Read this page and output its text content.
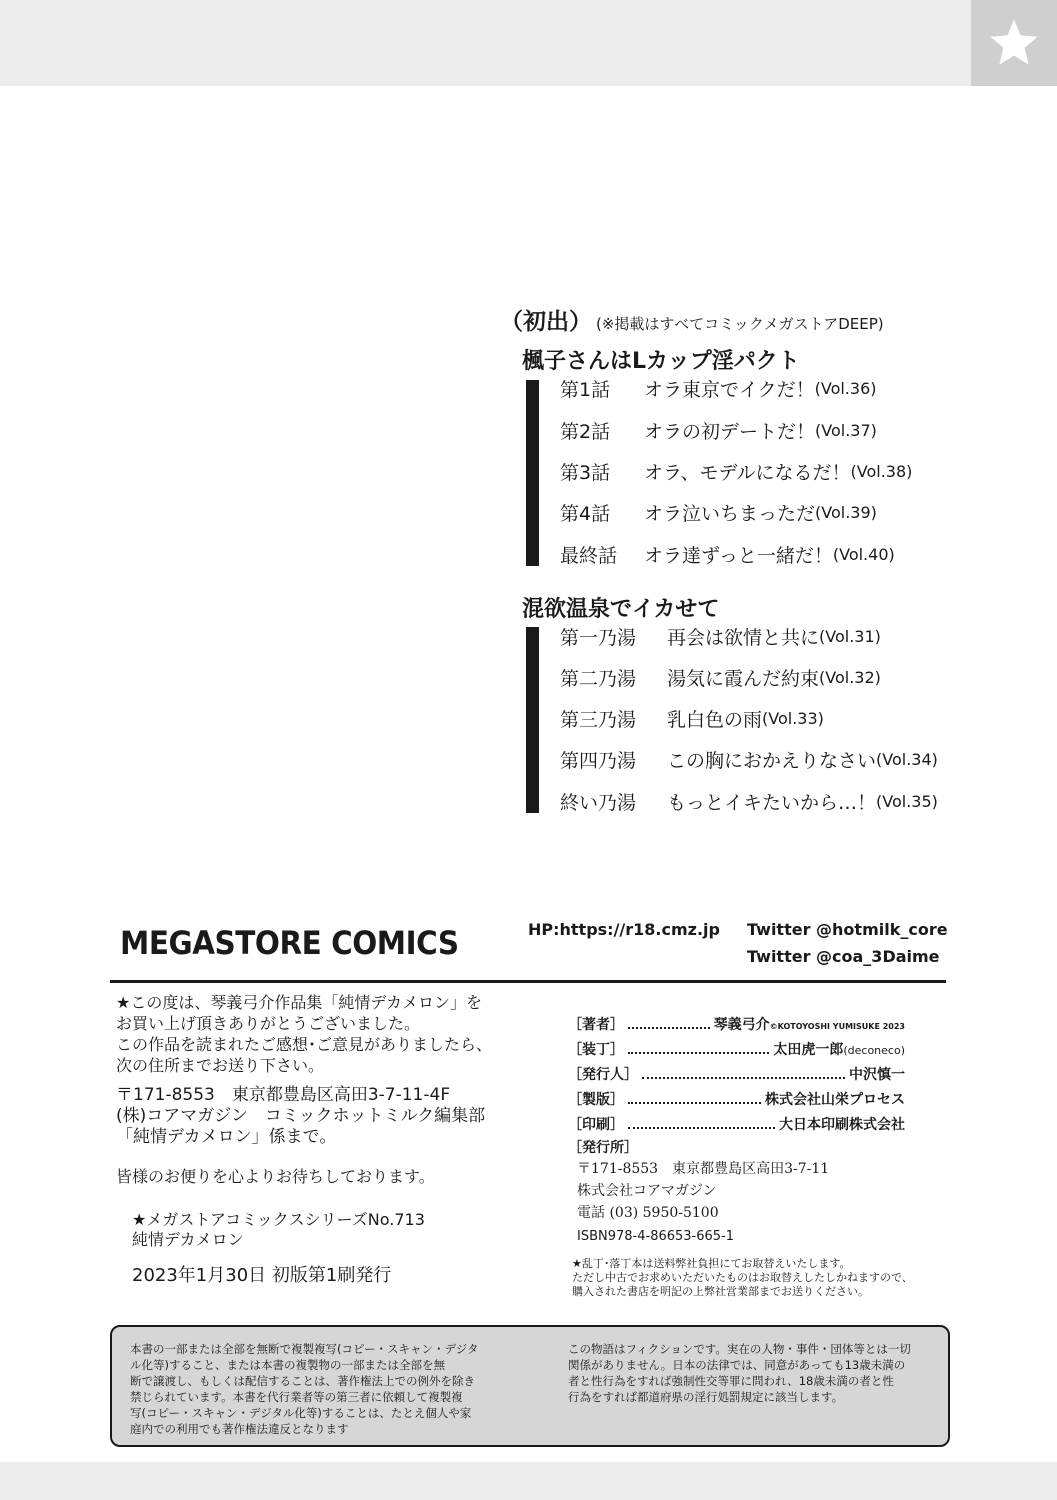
（初出） (※掲載はすべてコミックメガストアDEEP)
楓子さんはLカップ淫パクト
第1話	オラ東京でイクだ！ (Vol.36)
第2話	オラの初デートだ！ (Vol.37)
第3話	オラ、モデルになるだ！ (Vol.38)
第4話	オラ泣いちまっただ (Vol.39)
最終話	オラ達ずっと一緒だ！ (Vol.40)
混欲温泉でイカせて
第一乃湯	再会は欲情と共に (Vol.31)
第二乃湯	湯気に霞んだ約束 (Vol.32)
第三乃湯	乳白色の雨 (Vol.33)
第四乃湯	この胸におかえりなさい (Vol.34)
終い乃湯	もっとイキたいから…！ (Vol.35)
MEGASTORE COMICS	HP:https://r18.cmz.jp Twitter @hotmilk_core
Twitter @coa_3Daime
★この度は、琴義弓介作品集「純情デカメロン」を
お買い上げ頂きありがとうございました。
この作品を読まれたご感想･ご意見がありましたら、
次の住所までお送り下さい。
〒171-8553　東京都豊島区高田3-7-11-4F
(株)コアマガジン　コミックホットミルク編集部
「純情デカメロン」係まで。
皆様のお便りを心よりお待ちしております。
★メガストアコミックスシリーズNo.713
純情デカメロン
2023年1月30日 初版第1刷発行
［著者］	琴義弓介©KOTOYOSHI YUMISUKE 2023
［装丁］	太田虎一郎(deconeco)
［発行人］	中沢慎一
［製版］	株式会社山栄プロセス
［印刷］	大日本印刷株式会社
［発行所］
〒171-8553　東京都豊島区高田3-7-11
株式会社コアマガジン
電話 (03) 5950-5100
ISBN978-4-86653-665-1
★乱丁･落丁本は送料弊社負担にてお取替えいたします。
ただし中古でお求めいただいたものはお取替えしたしかねますので、
購入された書店を明記の上弊社営業部までお送りください。
本書の一部または全部を無断で複製複写(コピー・スキャン・デジタ
ル化等)すること、または本書の複製物の一部または全部を無
断で譲渡し、もしくは配信することは、著作権法上での例外を除き
禁じられています。本書を代行業者等の第三者に依頼して複製複
写(コピー・スキャン・デジタル化等)することは、たとえ個人や家
庭内での利用でも著作権法違反となります
この物語はフィクションです。実在の人物・事件・団体等とは一切
関係がありません。日本の法律では、同意があっても13歳未満の
者と性行為をすれば強制性交等罪に問われ、18歳未満の者と性
行為をすれば都道府県の淫行処罰規定に該当します。
